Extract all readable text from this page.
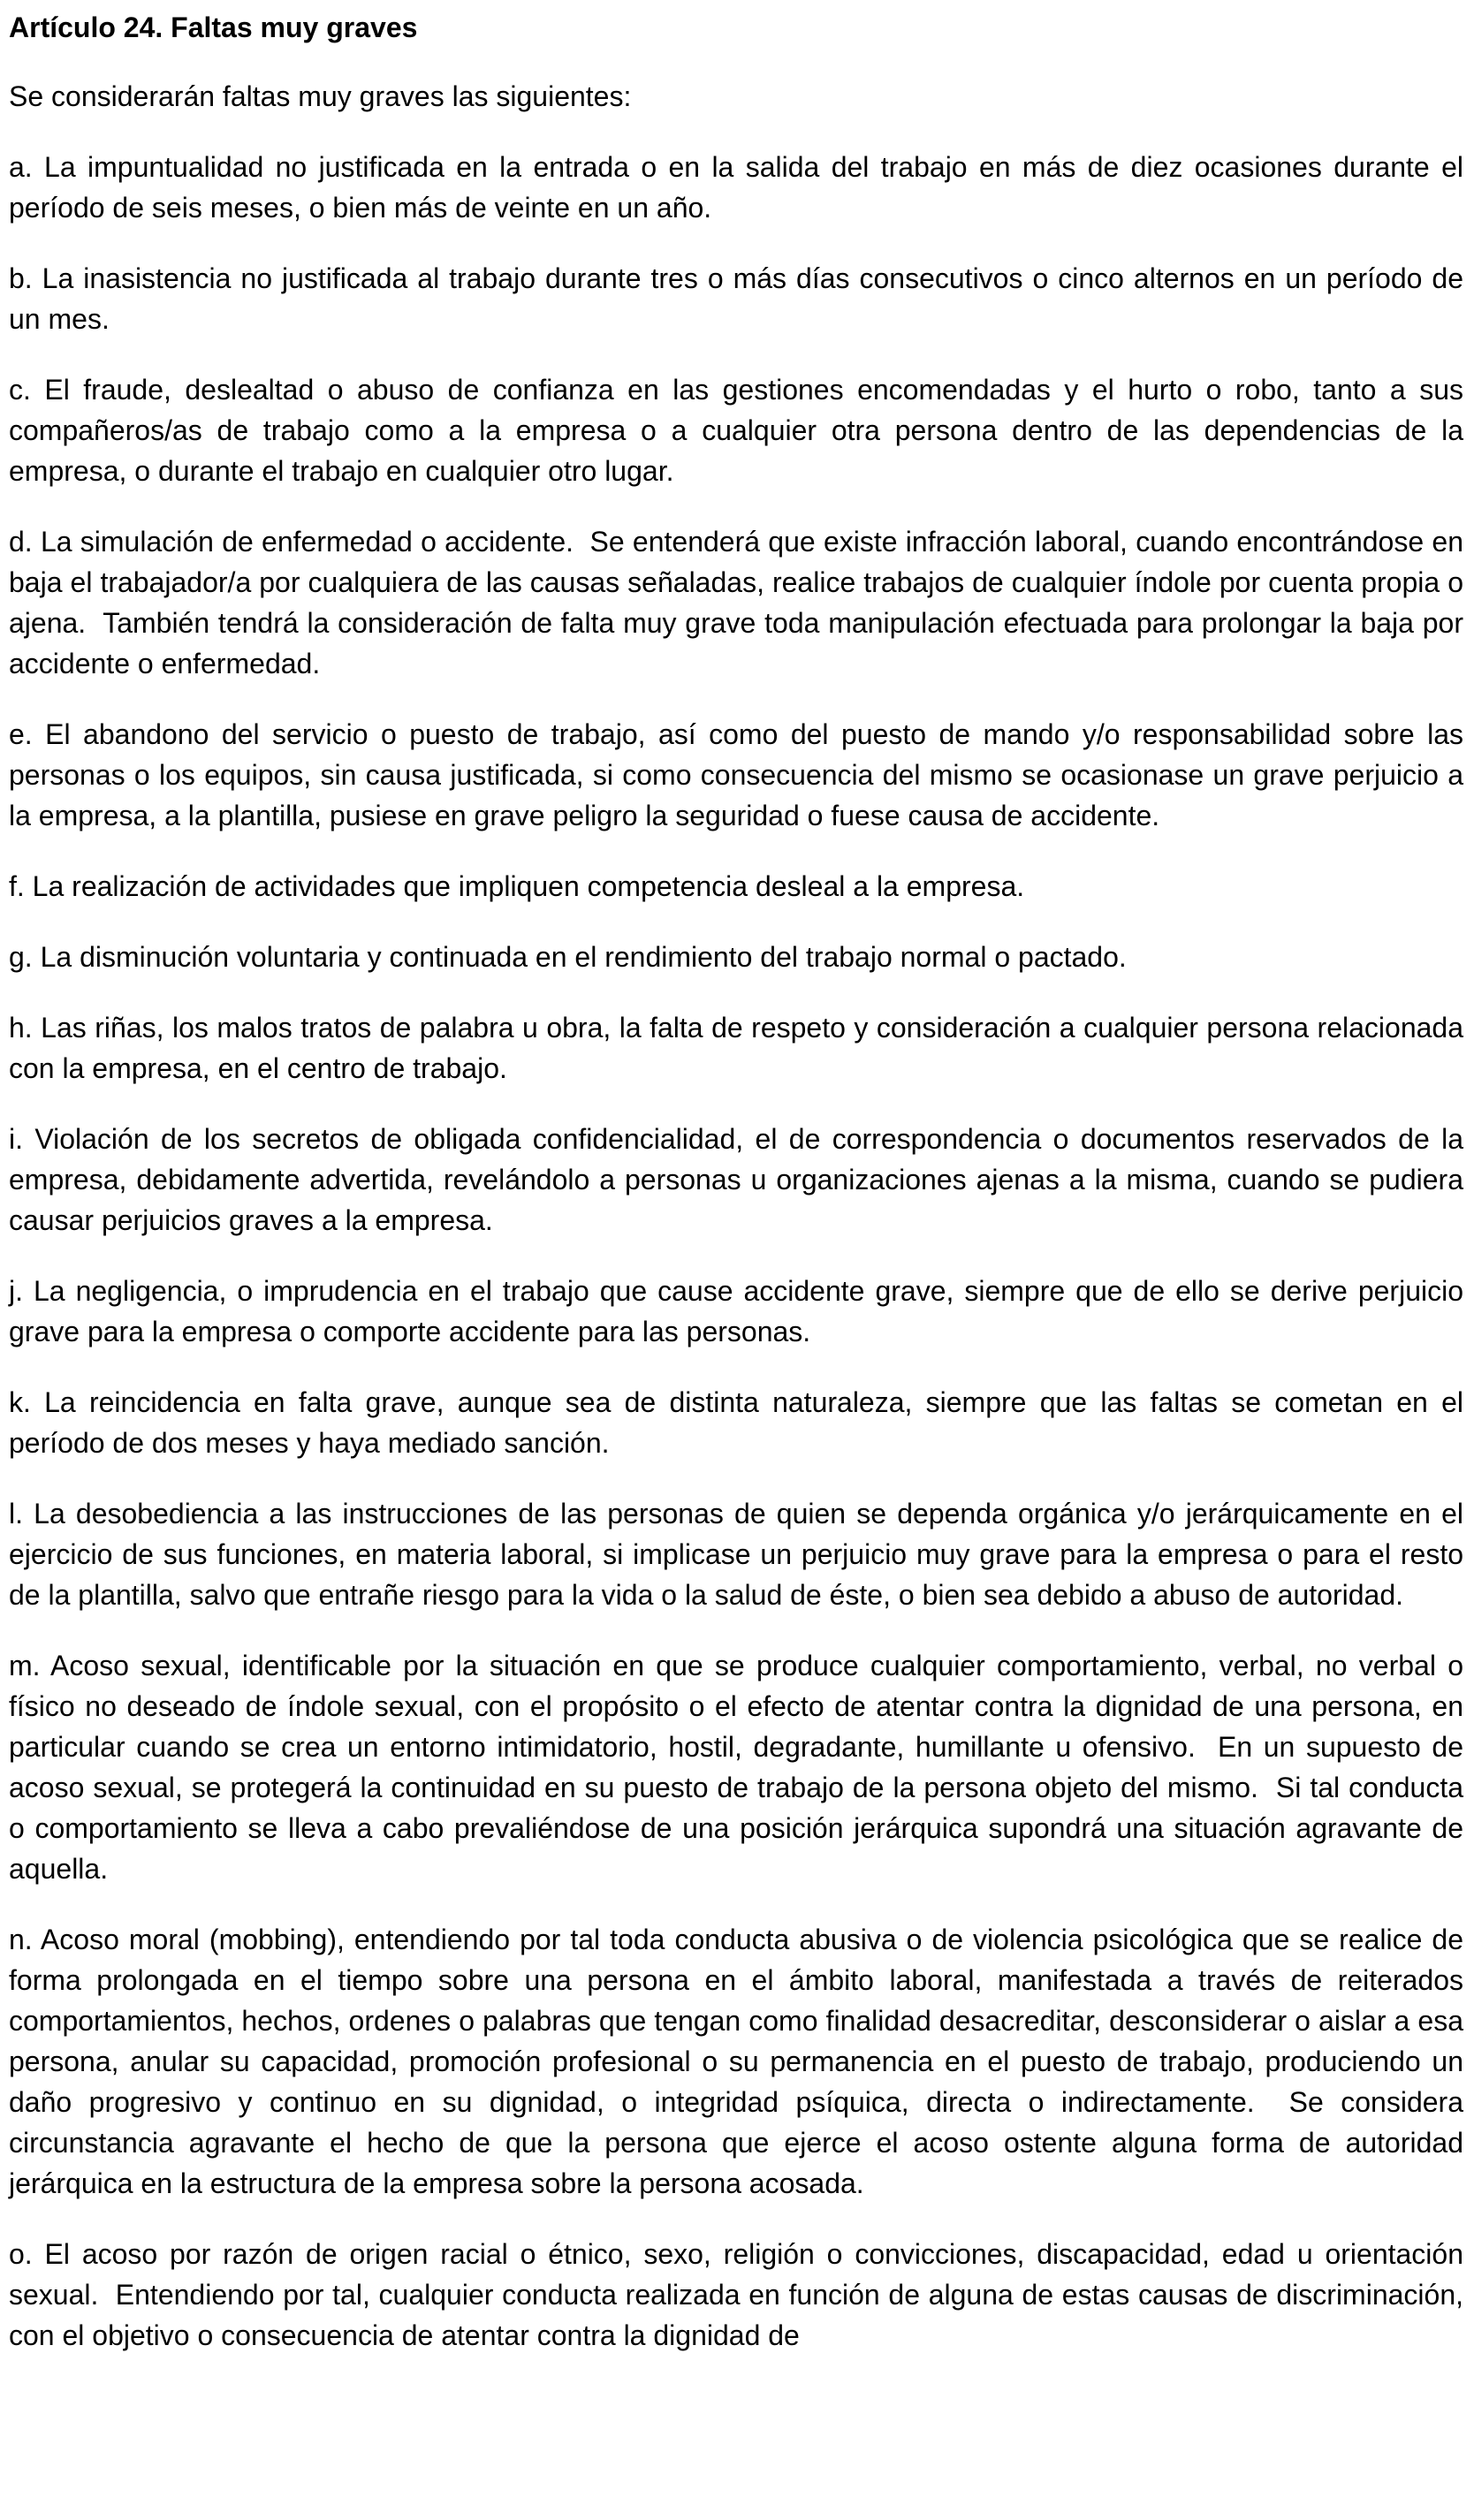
Artículo 24. Faltas muy graves

Se considerarán faltas muy graves las siguientes:

a. La impuntualidad no justificada en la entrada o en la salida del trabajo en más de diez ocasiones durante el período de seis meses, o bien más de veinte en un año.

b. La inasistencia no justificada al trabajo durante tres o más días consecutivos o cinco alternos en un período de un mes.

c. El fraude, deslealtad o abuso de confianza en las gestiones encomendadas y el hurto o robo, tanto a sus compañeros/as de trabajo como a la empresa o a cualquier otra persona dentro de las dependencias de la empresa, o durante el trabajo en cualquier otro lugar.

d. La simulación de enfermedad o accidente.  Se entenderá que existe infracción laboral, cuando encontrándose en baja el trabajador/a por cualquiera de las causas señaladas, realice trabajos de cualquier índole por cuenta propia o ajena.  También tendrá la consideración de falta muy grave toda manipulación efectuada para prolongar la baja por accidente o enfermedad.

e. El abandono del servicio o puesto de trabajo, así como del puesto de mando y/o responsabilidad sobre las personas o los equipos, sin causa justificada, si como consecuencia del mismo se ocasionase un grave perjuicio a la empresa, a la plantilla, pusiese en grave peligro la seguridad o fuese causa de accidente.

f. La realización de actividades que impliquen competencia desleal a la empresa.

g. La disminución voluntaria y continuada en el rendimiento del trabajo normal o pactado.

h. Las riñas, los malos tratos de palabra u obra, la falta de respeto y consideración a cualquier persona relacionada con la empresa, en el centro de trabajo.

i. Violación de los secretos de obligada confidencialidad, el de correspondencia o documentos reservados de la empresa, debidamente advertida, revelándolo a personas u organizaciones ajenas a la misma, cuando se pudiera causar perjuicios graves a la empresa.

j. La negligencia, o imprudencia en el trabajo que cause accidente grave, siempre que de ello se derive perjuicio grave para la empresa o comporte accidente para las personas.

k. La reincidencia en falta grave, aunque sea de distinta naturaleza, siempre que las faltas se cometan en el período de dos meses y haya mediado sanción.

l. La desobediencia a las instrucciones de las personas de quien se dependa orgánica y/o jerárquicamente en el ejercicio de sus funciones, en materia laboral, si implicase un perjuicio muy grave para la empresa o para el resto de la plantilla, salvo que entrañe riesgo para la vida o la salud de éste, o bien sea debido a abuso de autoridad.

m. Acoso sexual, identificable por la situación en que se produce cualquier comportamiento, verbal, no verbal o físico no deseado de índole sexual, con el propósito o el efecto de atentar contra la dignidad de una persona, en particular cuando se crea un entorno intimidatorio, hostil, degradante, humillante u ofensivo.  En un supuesto de acoso sexual, se protegerá la continuidad en su puesto de trabajo de la persona objeto del mismo.  Si tal conducta o comportamiento se lleva a cabo prevaliéndose de una posición jerárquica supondrá una situación agravante de aquella.

n. Acoso moral (mobbing), entendiendo por tal toda conducta abusiva o de violencia psicológica que se realice de forma prolongada en el tiempo sobre una persona en el ámbito laboral, manifestada a través de reiterados comportamientos, hechos, ordenes o palabras que tengan como finalidad desacreditar, desconsiderar o aislar a esa persona, anular su capacidad, promoción profesional o su permanencia en el puesto de trabajo, produciendo un daño progresivo y continuo en su dignidad, o integridad psíquica, directa o indirectamente.  Se considera circunstancia agravante el hecho de que la persona que ejerce el acoso ostente alguna forma de autoridad jerárquica en la estructura de la empresa sobre la persona acosada.

o. El acoso por razón de origen racial o étnico, sexo, religión o convicciones, discapacidad, edad u orientación sexual.  Entendiendo por tal, cualquier conducta realizada en función de alguna de estas causas de discriminación, con el objetivo o consecuencia de atentar contra la dignidad de
